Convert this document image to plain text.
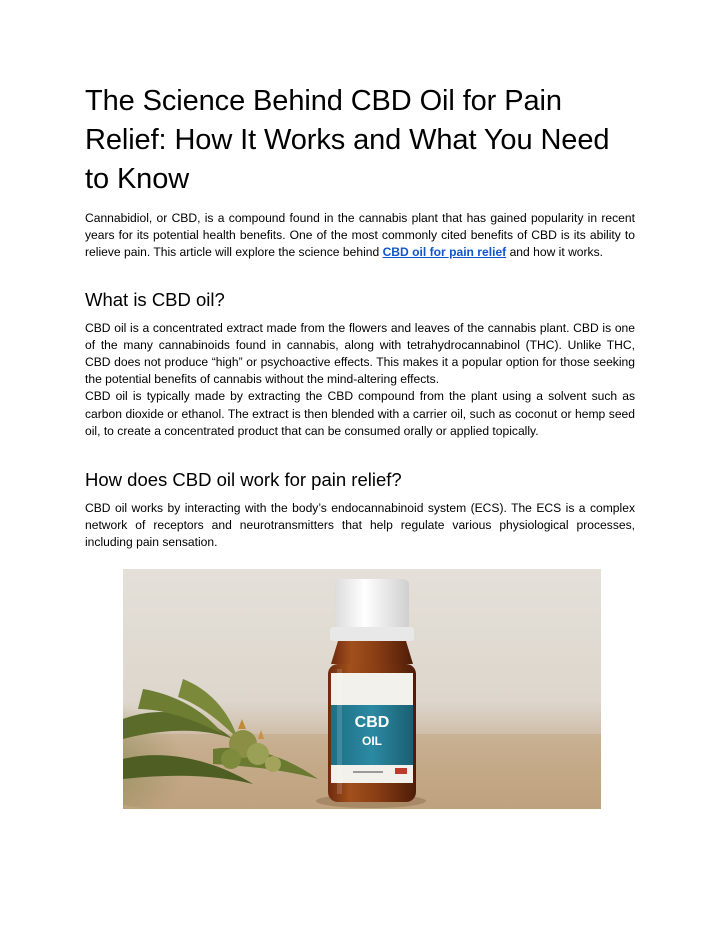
The Science Behind CBD Oil for Pain Relief: How It Works and What You Need to Know

Cannabidiol, or CBD, is a compound found in the cannabis plant that has gained popularity in recent years for its potential health benefits. One of the most commonly cited benefits of CBD is its ability to relieve pain. This article will explore the science behind CBD oil for pain relief and how it works.

What is CBD oil?

CBD oil is a concentrated extract made from the flowers and leaves of the cannabis plant. CBD is one of the many cannabinoids found in cannabis, along with tetrahydrocannabinol (THC). Unlike THC, CBD does not produce “high” or psychoactive effects. This makes it a popular option for those seeking the potential benefits of cannabis without the mind-altering effects.

CBD oil is typically made by extracting the CBD compound from the plant using a solvent such as carbon dioxide or ethanol. The extract is then blended with a carrier oil, such as coconut or hemp seed oil, to create a concentrated product that can be consumed orally or applied topically.

How does CBD oil work for pain relief?

CBD oil works by interacting with the body’s endocannabinoid system (ECS). The ECS is a complex network of receptors and neurotransmitters that help regulate various physiological processes, including pain sensation.

CBD
OIL
